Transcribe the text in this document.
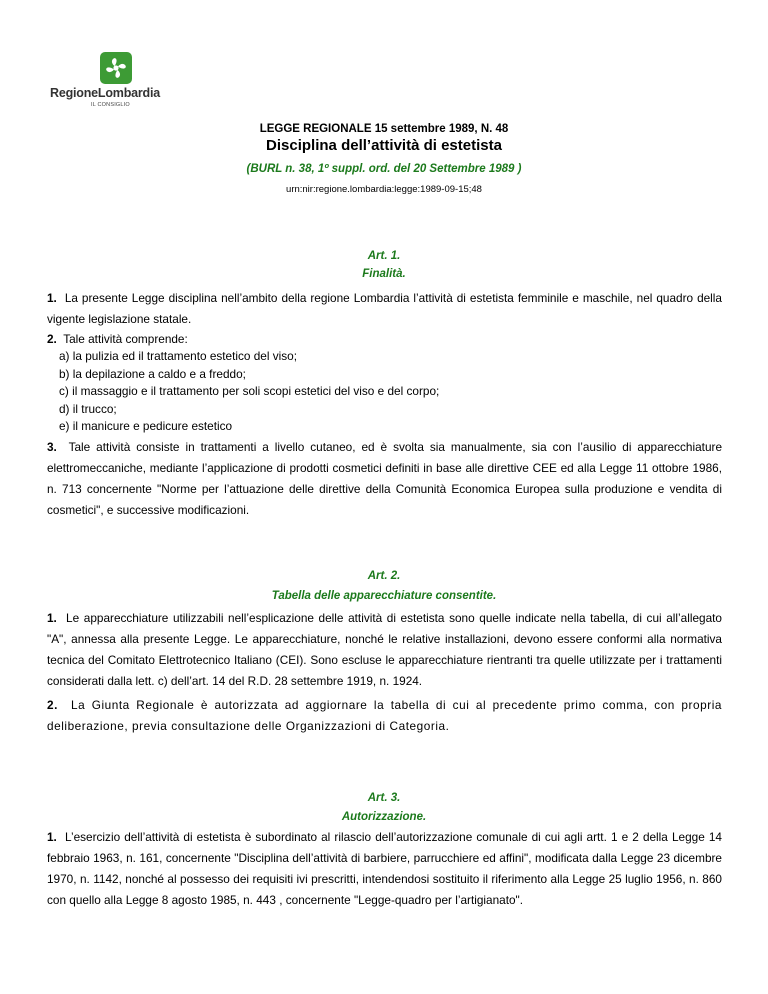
RegioneLombardia
IL CONSIGLIO
LEGGE REGIONALE 15 settembre 1989, N. 48
Disciplina dell’attività di estetista
(BURL n. 38, 1º suppl. ord. del 20 Settembre 1989 )
urn:nir:regione.lombardia:legge:1989-09-15;48
Art. 1.
Finalità.
1. La presente Legge disciplina nell’ambito della regione Lombardia l’attività di estetista femminile e maschile, nel quadro della vigente legislazione statale.
2. Tale attività comprende:
a) la pulizia ed il trattamento estetico del viso;
b) la depilazione a caldo e a freddo;
c) il massaggio e il trattamento per soli scopi estetici del viso e del corpo;
d) il trucco;
e) il manicure e pedicure estetico
3. Tale attività consiste in trattamenti a livello cutaneo, ed è svolta sia manualmente, sia con l’ausilio di apparecchiature elettromeccaniche, mediante l’applicazione di prodotti cosmetici definiti in base alle direttive CEE ed alla Legge 11 ottobre 1986, n. 713 concernente "Norme per l’attuazione delle direttive della Comunità Economica Europea sulla produzione e vendita di cosmetici", e successive modificazioni.
Art. 2.
Tabella delle apparecchiature consentite.
1. Le apparecchiature utilizzabili nell’esplicazione delle attività di estetista sono quelle indicate nella tabella, di cui all’allegato "A", annessa alla presente Legge. Le apparecchiature, nonché le relative installazioni, devono essere conformi alla normativa tecnica del Comitato Elettrotecnico Italiano (CEI). Sono escluse le apparecchiature rientranti tra quelle utilizzate per i trattamenti considerati dalla lett. c) dell’art. 14 del R.D. 28 settembre 1919, n. 1924.
2. La Giunta Regionale è autorizzata ad aggiornare la tabella di cui al precedente primo comma, con propria deliberazione, previa consultazione delle Organizzazioni di Categoria.
Art. 3.
Autorizzazione.
1. L’esercizio dell’attività di estetista è subordinato al rilascio dell’autorizzazione comunale di cui agli artt. 1 e 2 della Legge 14 febbraio 1963, n. 161, concernente "Disciplina dell’attività di barbiere, parrucchiere ed affini", modificata dalla Legge 23 dicembre 1970, n. 1142, nonché al possesso dei requisiti ivi prescritti, intendendosi sostituito il riferimento alla Legge 25 luglio 1956, n. 860 con quello alla Legge 8 agosto 1985, n. 443 , concernente "Legge-quadro per l’artigianato".
